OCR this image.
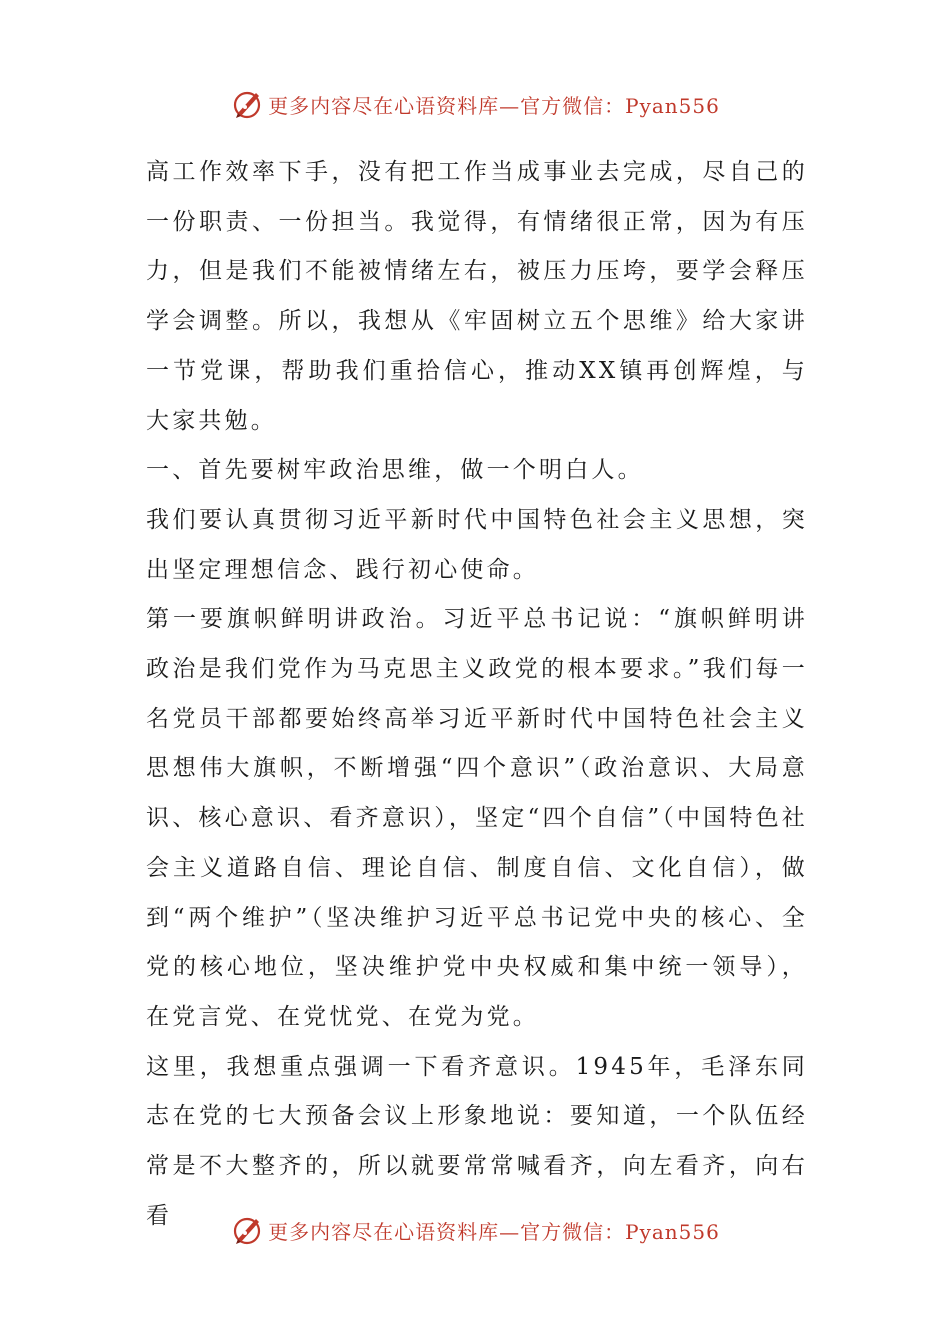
更多内容尽在心语资料库—官方微信：Pyan556

高工作效率下手，没有把工作当成事业去完成，尽自己的一份职责、一份担当。我觉得，有情绪很正常，因为有压力，但是我们不能被情绪左右，被压力压垮，要学会释压学会调整。所以，我想从《牢固树立五个思维》给大家讲一节党课，帮助我们重拾信心，推动XX镇再创辉煌，与大家共勉。

一、首先要树牢政治思维，做一个明白人。

我们要认真贯彻习近平新时代中国特色社会主义思想，突出坚定理想信念、践行初心使命。

第一要旗帜鲜明讲政治。习近平总书记说：“旗帜鲜明讲政治是我们党作为马克思主义政党的根本要求。”我们每一名党员干部都要始终高举习近平新时代中国特色社会主义思想伟大旗帜，不断增强“四个意识”（政治意识、大局意识、核心意识、看齐意识），坚定“四个自信”（中国特色社会主义道路自信、理论自信、制度自信、文化自信），做到“两个维护”（坚决维护习近平总书记党中央的核心、全党的核心地位，坚决维护党中央权威和集中统一领导），在党言党、在党忧党、在党为党。

这里，我想重点强调一下看齐意识。1945年，毛泽东同志在党的七大预备会议上形象地说：要知道，一个队伍经常是不大整齐的，所以就要常常喊看齐，向左看齐，向右看

更多内容尽在心语资料库—官方微信：Pyan556
